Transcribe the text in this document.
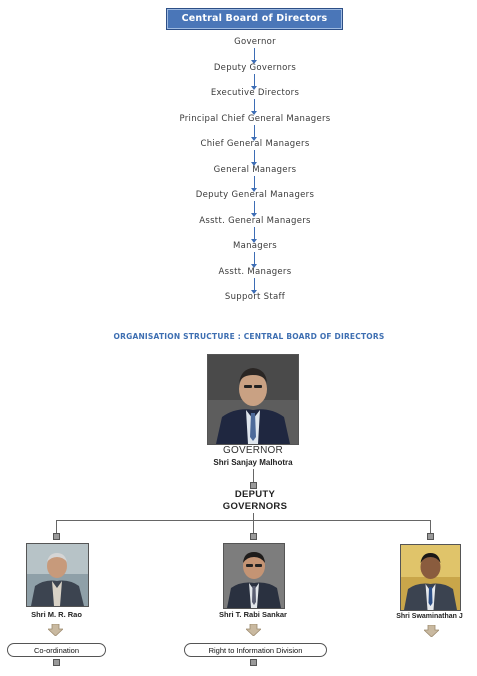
Central Board of Directors
Governor
Deputy Governors
Executive Directors
Principal Chief General Managers
Chief General Managers
General Managers
Deputy General Managers
Asstt. General Managers
Managers
Asstt. Managers
Support Staff
ORGANISATION STRUCTURE : CENTRAL BOARD OF DIRECTORS
GOVERNOR
Shri Sanjay Malhotra
DEPUTY
GOVERNORS
Shri M. R. Rao
Co-ordination
Shri T. Rabi Sankar
Right to Information Division
Shri Swaminathan J
